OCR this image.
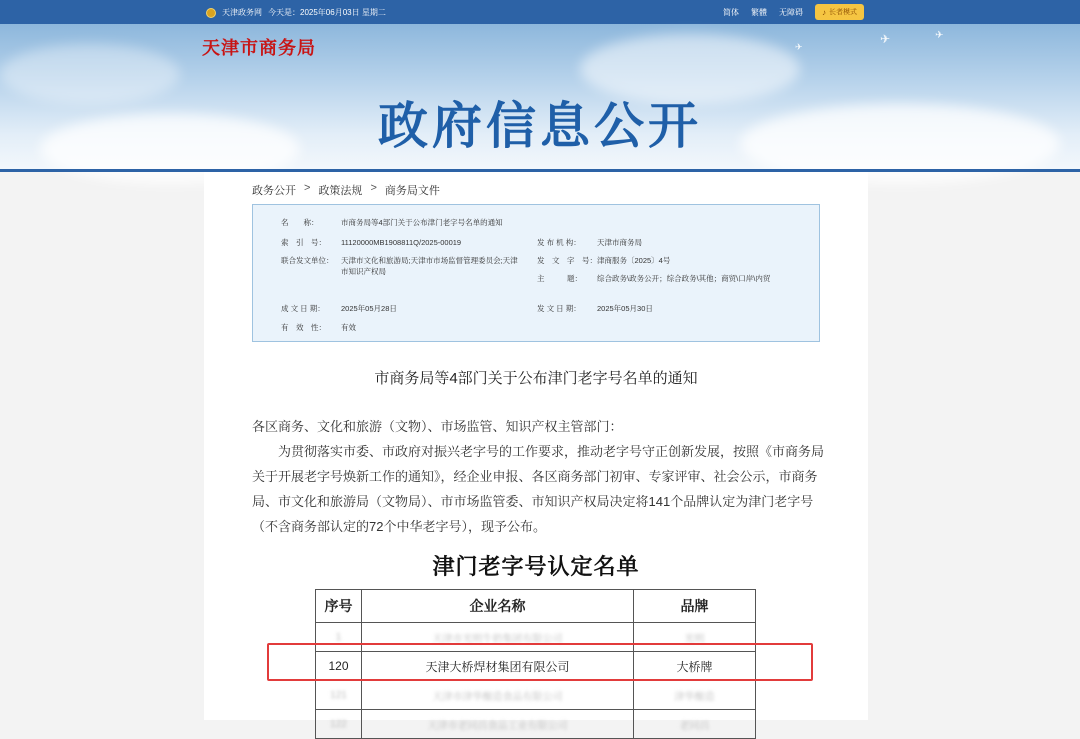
天津政务网 今天是：2025年06月03日 星期二	简体 繁體 无障碍 ♪ 长者模式
✈	✈
✈
天津市商务局
政府信息公开
政务公开 > 政策法规 > 商务局文件
名　　称：	市商务局等4部门关于公布津门老字号名单的通知
索　引　号：	11120000MB1908811Q/2025-00019	发 布 机 构：	天津市商务局
联合发文单位：	天津市文化和旅游局;天津市市场监督管理委员会;天津市知识产权局
发　文　字　号： 津商服务〔2025〕4号
主　　　题：	综合政务\政务公开；综合政务\其他；商贸\口岸\内贸
成 文 日 期：	2025年05月28日	发 文 日 期：	2025年05月30日
有　效　性：	有效
市商务局等4部门关于公布津门老字号名单的通知
各区商务、文化和旅游（文物）、市场监管、知识产权主管部门：
为贯彻落实市委、市政府对振兴老字号的工作要求，推动老字号守正创新发展，按照《市商务局关于开展老字号焕新工作的通知》，经企业申报、各区商务部门初审、专家评审、社会公示，市商务局、市文化和旅游局（文物局）、市市场监管委、市知识产权局决定将141个品牌认定为津门老字号（不含商务部认定的72个中华老字号），现予公布。
津门老字号认定名单
序号	企业名称	品牌
1	天津市光明牛奶集团有限公司	光明
120	天津大桥焊材集团有限公司	大桥牌
121	天津市津华酿造食品有限公司	津华酿造
122	天津市老同昌食品工业有限公司	老同昌
